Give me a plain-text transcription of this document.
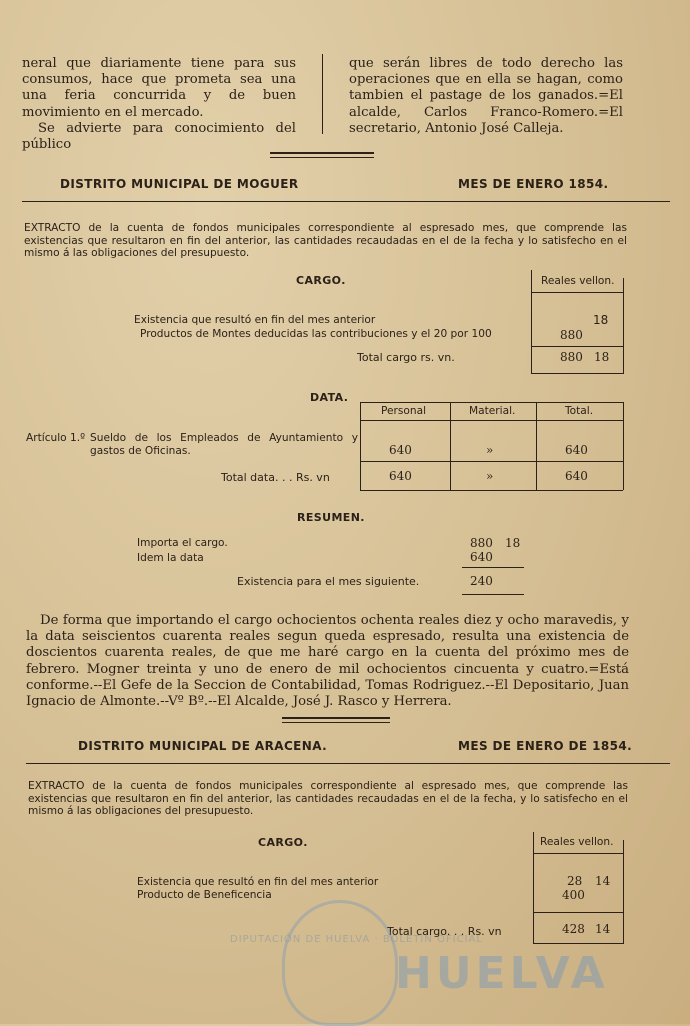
neral que diariamente tiene para sus consumos, hace que prometa sea una una feria concurrida y de buen movimiento en el mercado.
Se advierte para conocimiento del público
que serán libres de todo derecho las operaciones que en ella se hagan, como tambien el pastage de los ganados.=El alcalde, Carlos Franco-Romero.=El secretario, Antonio José Calleja.
DISTRITO MUNICIPAL DE MOGUER	MES DE ENERO 1854.
EXTRACTO de la cuenta de fondos municipales correspondiente al espresado mes, que comprende las existencias que resultaron en fin del anterior, las cantidades recaudadas en el de la fecha y lo satisfecho en el mismo á las obligaciones del presupuesto.
CARGO.	Reales vellon.
Existencia que resultó en fin del mes anterior	18
Productos de Montes deducidas las contribuciones y el 20 por 100	880
Total cargo rs. vn.	880 18
DATA.
Personal	Material.	Total.
Artículo 1.º Sueldo de los Empleados de Ayuntamiento y gastos de Oficinas.	640	»	640
Total data. . . Rs. vn	640	»	640
RESUMEN.
Importa el cargo.	880 18
Idem la data	640
Existencia para el mes siguiente.	240
De forma que importando el cargo ochocientos ochenta reales diez y ocho maravedis, y la data seiscientos cuarenta reales segun queda espresado, resulta una existencia de doscientos cuarenta reales, de que me haré cargo en la cuenta del próximo mes de febrero. Mogner treinta y uno de enero de mil ochocientos cincuenta y cuatro.=Está conforme.--El Gefe de la Seccion de Contabilidad, Tomas Rodriguez.--El Depositario, Juan Ignacio de Almonte.--Vº Bº.--El Alcalde, José J. Rasco y Herrera.
DISTRITO MUNICIPAL DE ARACENA.	MES DE ENERO DE 1854.
EXTRACTO de la cuenta de fondos municipales correspondiente al espresado mes, que comprende las existencias que resultaron en fin del anterior, las cantidades recaudadas en el de la fecha, y lo satisfecho en el mismo á las obligaciones del presupuesto.
CARGO.	Reales vellon.
Existencia que resultó en fin del mes anterior	28 14
Producto de Beneficencia	400
Total cargo. . . Rs. vn	428 14
DIPUTACIÓN DE HUELVA · BOLETÍN OFICIAL
HUELVA
